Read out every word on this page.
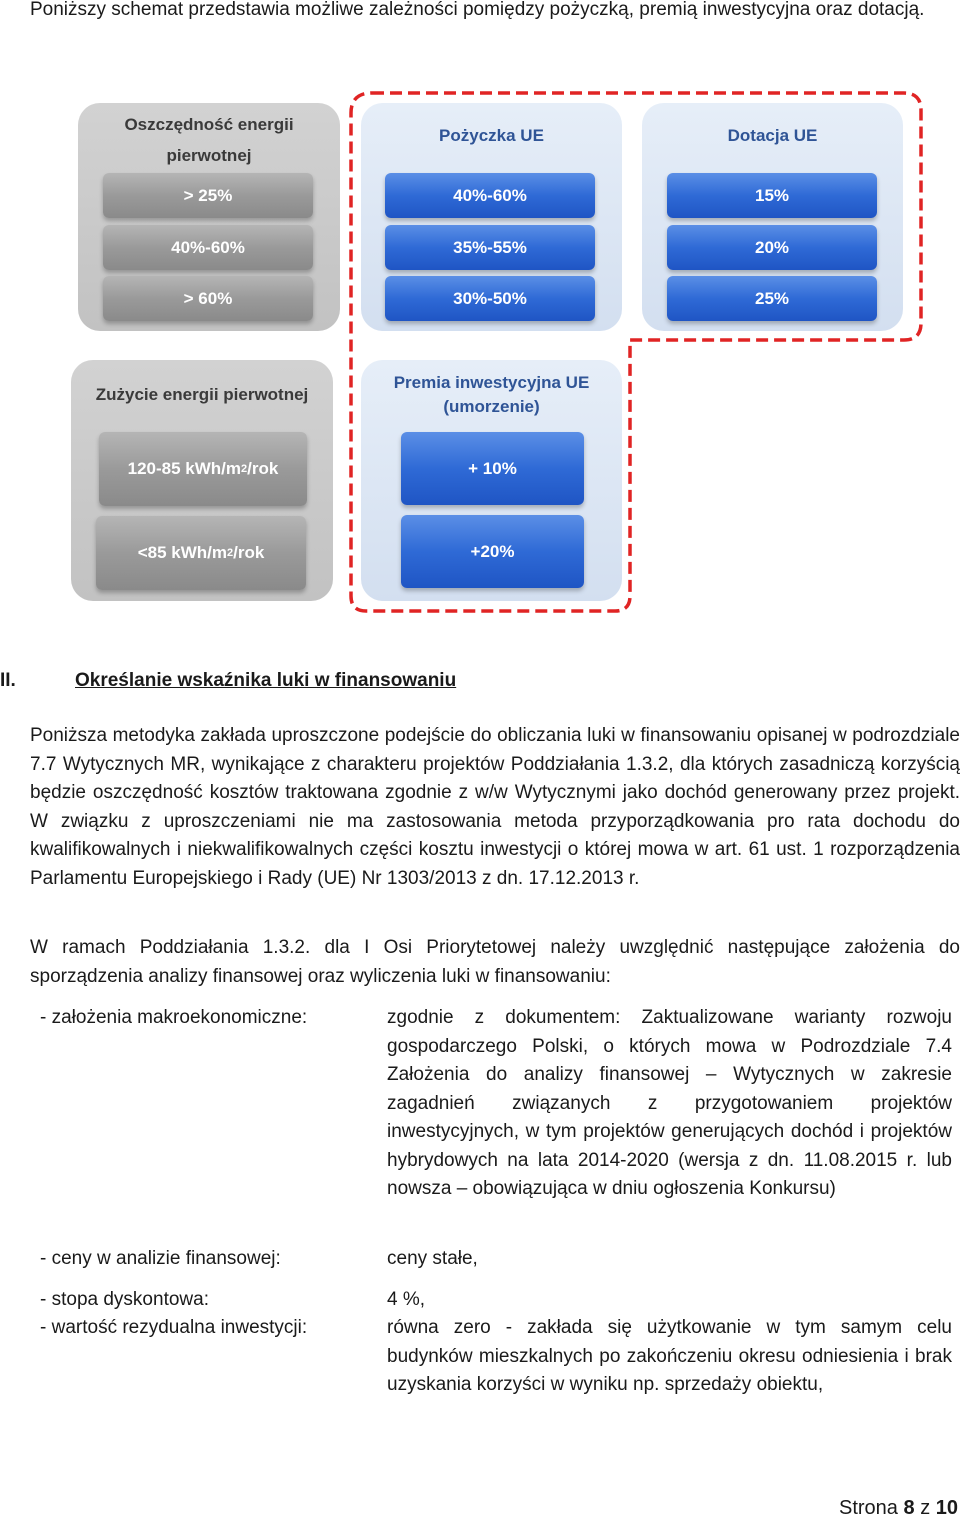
Poniższy schemat przedstawia możliwe zależności pomiędzy pożyczką, premią inwestycyjna oraz dotacją.

Oszczędność energii pierwotnej
> 25%
40%-60%
> 60%
Pożyczka UE
40%-60%
35%-55%
30%-50%
Dotacja UE
15%
20%
25%
Zużycie energii pierwotnej
120-85 kWh/m 2 /rok
<85 kWh/m 2 /rok
Premia inwestycyjna UE
(umorzenie)
+ 10%
+20%
II.	Określanie wskaźnika luki w finansowaniu

Poniższa metodyka zakłada uproszczone podejście do obliczania luki w finansowaniu opisanej w podrozdziale 7.7 Wytycznych MR, wynikające z charakteru projektów Poddziałania 1.3.2, dla których zasadniczą korzyścią będzie oszczędność kosztów traktowana zgodnie z w/w Wytycznymi jako dochód generowany przez projekt. W związku z uproszczeniami nie ma zastosowania metoda przyporządkowania pro rata dochodu do kwalifikowalnych i niekwalifikowalnych części kosztu inwestycji o której mowa w art. 61 ust. 1 rozporządzenia Parlamentu Europejskiego i Rady (UE) Nr 1303/2013 z dn. 17.12.2013 r.

W ramach Poddziałania 1.3.2. dla I Osi Priorytetowej należy uwzględnić następujące założenia do sporządzenia analizy finansowej oraz wyliczenia luki w finansowaniu:

- założenia makroekonomiczne:	zgodnie z dokumentem: Zaktualizowane warianty rozwoju gospodarczego Polski, o których mowa w Podrozdziale 7.4 Założenia do analizy finansowej – Wytycznych w zakresie zagadnień związanych z przygotowaniem projektów inwestycyjnych, w tym projektów generujących dochód i projektów hybrydowych na lata 2014-2020 (wersja z dn. 11.08.2015 r. lub nowsza – obowiązująca w dniu ogłoszenia Konkursu)
- ceny w analizie finansowej:	ceny stałe,
- stopa dyskontowa:	4 %,
- wartość rezydualna inwestycji:	równa zero - zakłada się użytkowanie w tym samym celu budynków mieszkalnych po zakończeniu okresu odniesienia i brak uzyskania korzyści w wyniku np. sprzedaży obiektu,
Strona 8 z 10
